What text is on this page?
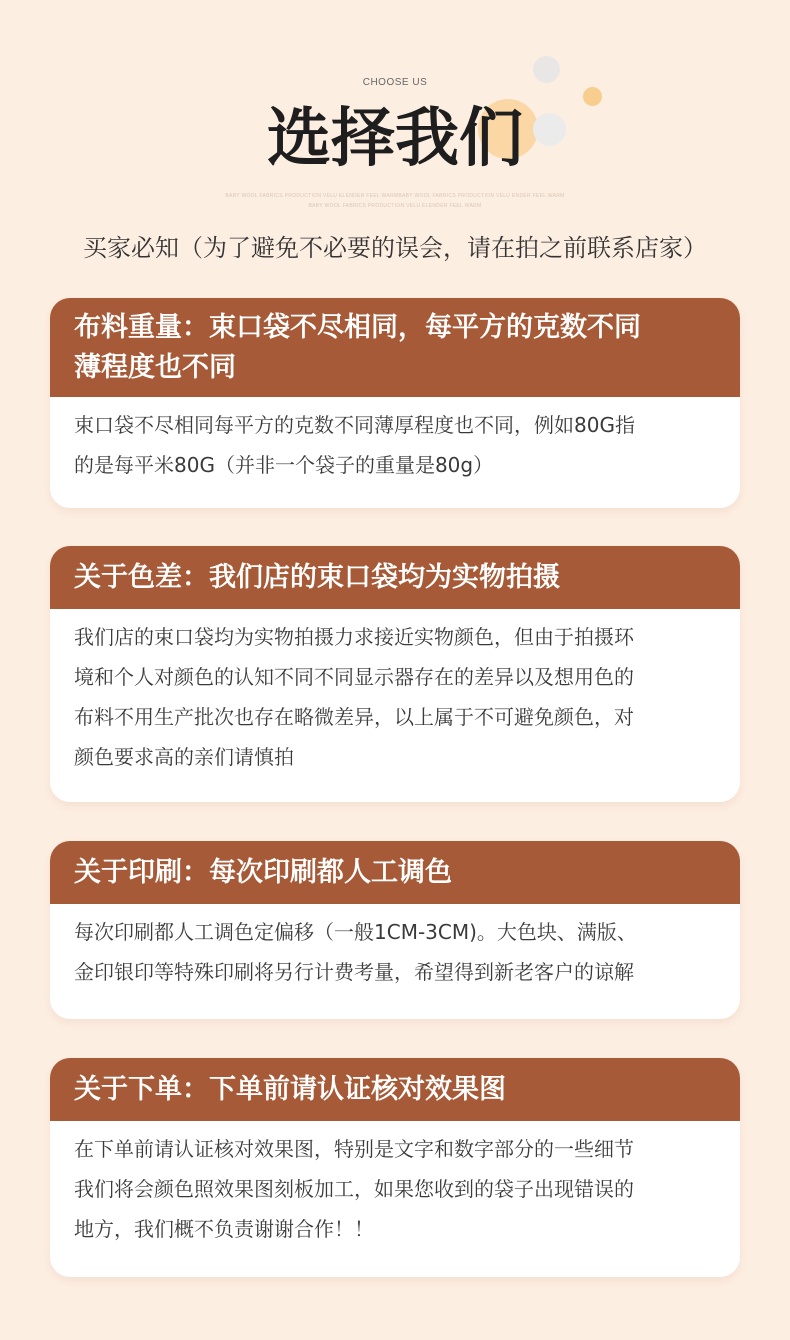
CHOOSE US
选择我们
BABY WOOL FABRICS PRODUCTION VELU ELENDER FEEL WARMBABY WOOL FABRICS PRODUCTION VELU ENDER FEEL WARM
BABY WOOL FABRICS PRODUCTION VELU ELENDER FEEL WARM
买家必知（为了避免不必要的误会，请在拍之前联系店家）
布料重量：束口袋不尽相同，每平方的克数不同
薄程度也不同
束口袋不尽相同每平方的克数不同薄厚程度也不同，例如80G指
的是每平米80G（并非一个袋子的重量是80g）
关于色差：我们店的束口袋均为实物拍摄
我们店的束口袋均为实物拍摄力求接近实物颜色，但由于拍摄环
境和个人对颜色的认知不同不同显示器存在的差异以及想用色的
布料不用生产批次也存在略微差异，以上属于不可避免颜色，对
颜色要求高的亲们请慎拍
关于印刷：每次印刷都人工调色
每次印刷都人工调色定偏移（一般1CM-3CM)。大色块、满版、
金印银印等特殊印刷将另行计费考量，希望得到新老客户的谅解
关于下单：下单前请认证核对效果图
在下单前请认证核对效果图，特别是文字和数字部分的一些细节
我们将会颜色照效果图刻板加工，如果您收到的袋子出现错误的
地方，我们概不负责谢谢合作！！
